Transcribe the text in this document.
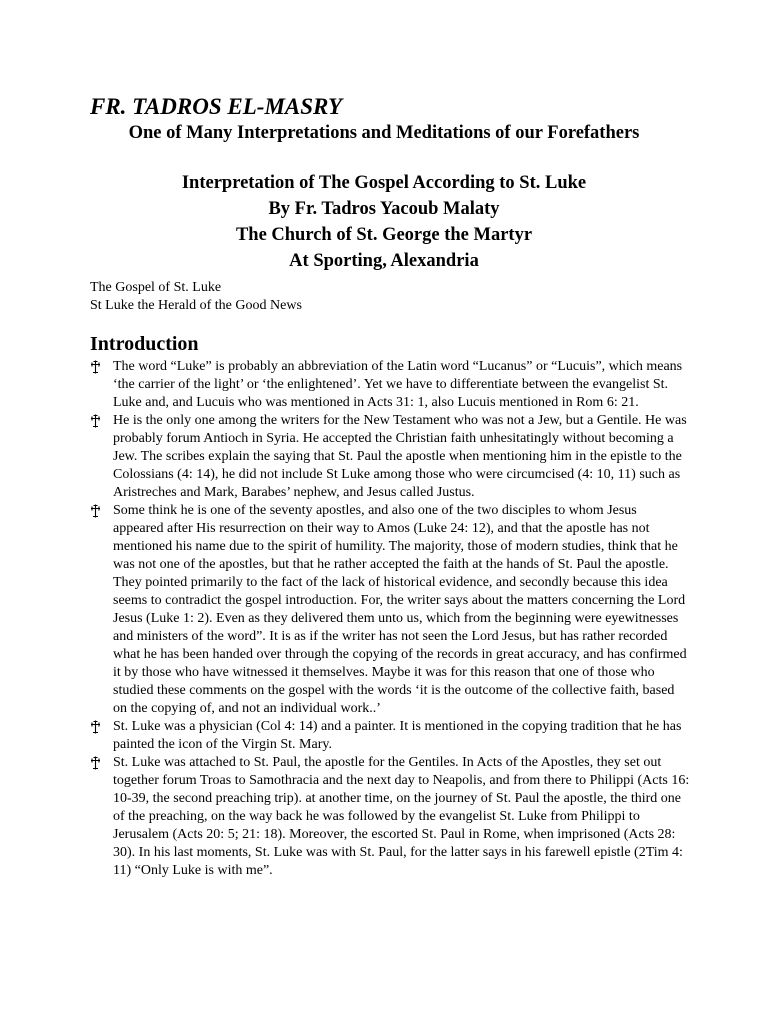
FR. TADROS EL-MASRY
One of Many Interpretations and Meditations of our Forefathers
Interpretation of The Gospel According to St. Luke
By Fr. Tadros Yacoub Malaty
The Church of St. George the Martyr
At Sporting, Alexandria
The Gospel of St. Luke
St Luke the Herald of the Good News
Introduction
The word “Luke” is probably an abbreviation of the Latin word “Lucanus” or “Lucuis”, which means ‘the carrier of the light’ or ‘the enlightened’. Yet we have to differentiate between the evangelist St. Luke and, and Lucuis who was mentioned in Acts 31: 1, also Lucuis mentioned in Rom 6: 21.
He is the only one among the writers for the New Testament who was not a Jew, but a Gentile. He was probably forum Antioch in Syria. He accepted the Christian faith unhesitatingly without becoming a Jew. The scribes explain the saying that St. Paul the apostle when mentioning him in the epistle to the Colossians (4: 14), he did not include St Luke among those who were circumcised (4: 10, 11) such as Aristreches and Mark, Barabes’ nephew, and Jesus called Justus.
Some think he is one of the seventy apostles, and also one of the two disciples to whom Jesus appeared after His resurrection on their way to Amos (Luke 24: 12), and that the apostle has not mentioned his name due to the spirit of humility. The majority, those of modern studies, think that he was not one of the apostles, but that he rather accepted the faith at the hands of St. Paul the apostle. They pointed primarily to the fact of the lack of historical evidence, and secondly because this idea seems to contradict the gospel introduction. For, the writer says about the matters concerning the Lord Jesus (Luke 1: 2). Even as they delivered them unto us, which from the beginning were eyewitnesses and ministers of the word”. It is as if the writer has not seen the Lord Jesus, but has rather recorded what he has been handed over through the copying of the records in great accuracy, and has confirmed it by those who have witnessed it themselves. Maybe it was for this reason that one of those who studied these comments on the gospel with the words ‘it is the outcome of the collective faith, based on the copying of, and not an individual work..’
St. Luke was a physician (Col 4: 14) and a painter. It is mentioned in the copying tradition that he has painted the icon of the Virgin St. Mary.
St. Luke was attached to St. Paul, the apostle for the Gentiles. In Acts of the Apostles, they set out together forum Troas to Samothracia and the next day to Neapolis, and from there to Philippi (Acts 16: 10-39, the second preaching trip). at another time, on the journey of St. Paul the apostle, the third one of the preaching, on the way back he was followed by the evangelist St. Luke from Philippi to Jerusalem (Acts 20: 5; 21: 18). Moreover, the escorted St. Paul in Rome, when imprisoned (Acts 28: 30). In his last moments, St. Luke was with St. Paul, for the latter says in his farewell epistle (2Tim 4: 11) “Only Luke is with me”.
